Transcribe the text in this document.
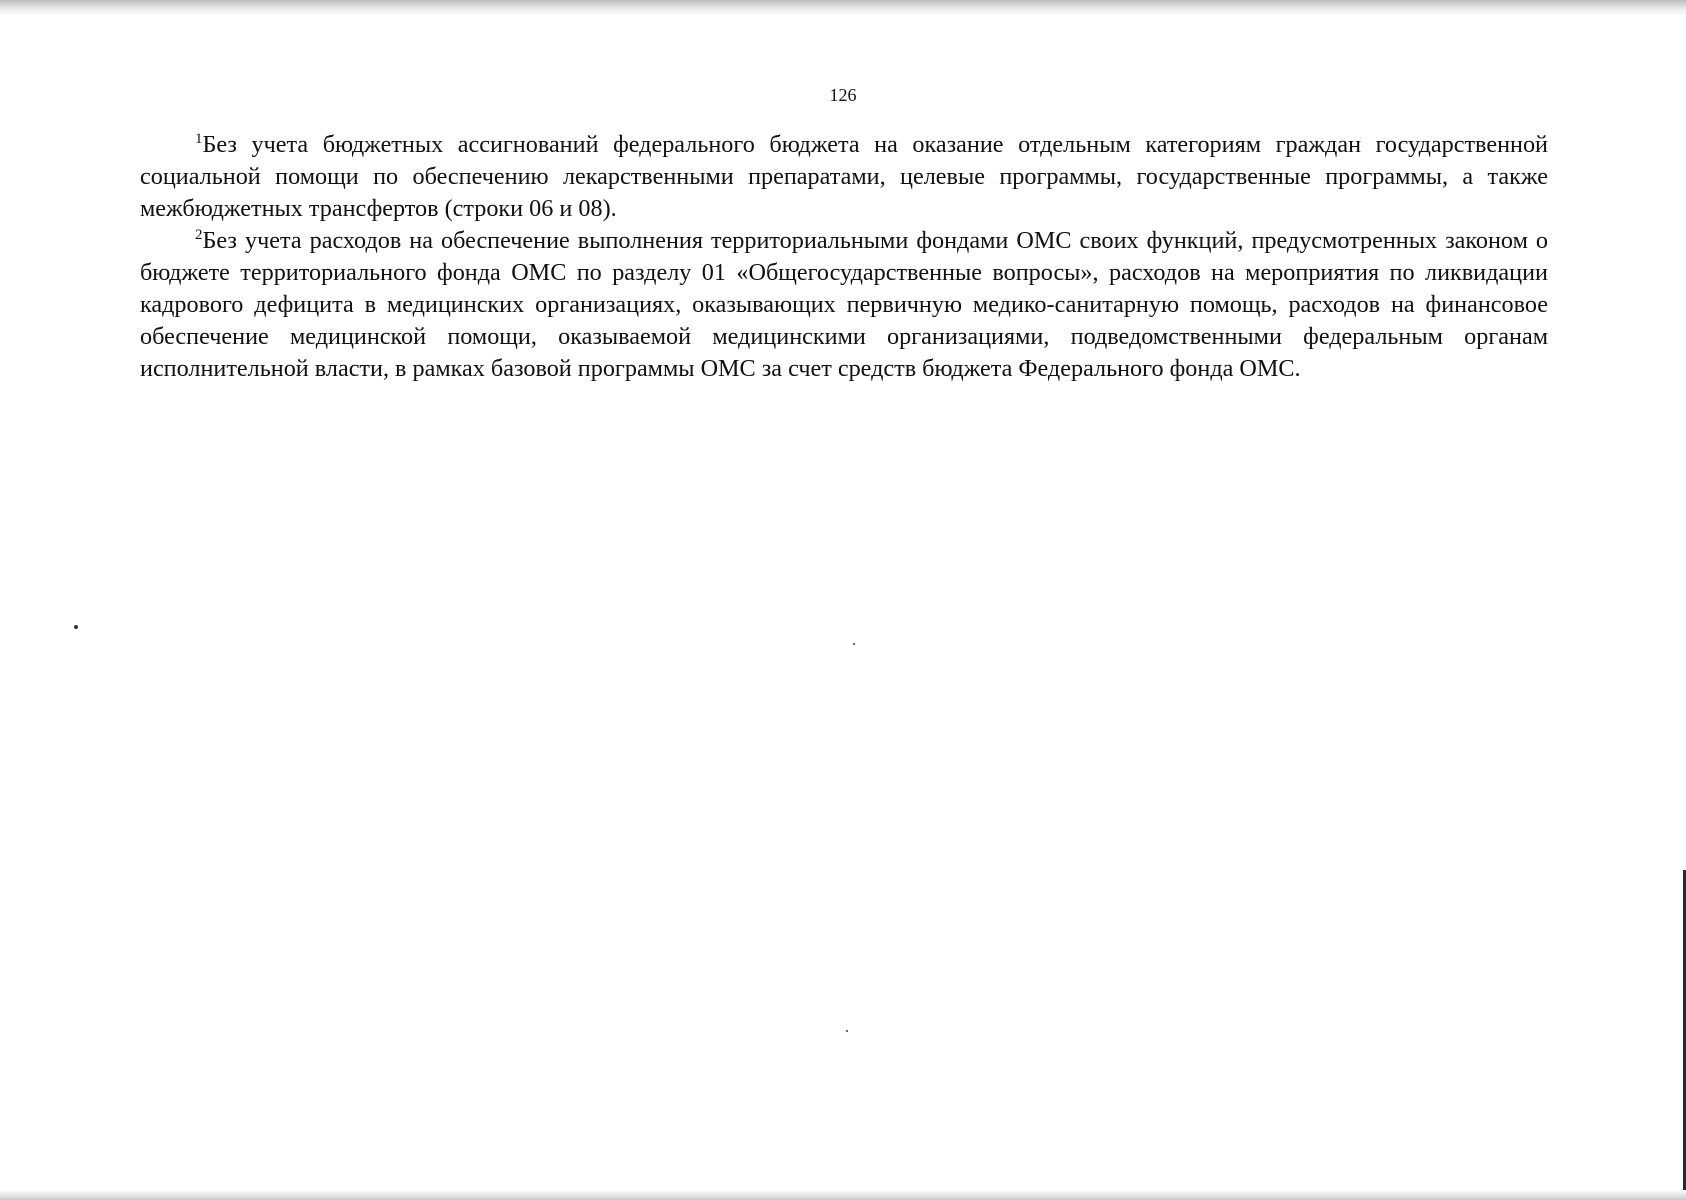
126

$^1$Без учета бюджетных ассигнований федерального бюджета на оказание отдельным категориям граждан государственной социальной помощи по обеспечению лекарственными препаратами, целевые программы, государственные программы, а также межбюджетных трансфертов (строки 06 и 08).

$^2$Без учета расходов на обеспечение выполнения территориальными фондами ОМС своих функций, предусмотренных законом о бюджете территориального фонда ОМС по разделу 01 «Общегосударственные вопросы», расходов на мероприятия по ликвидации кадрового дефицита в медицинских организациях, оказывающих первичную медико-санитарную помощь, расходов на финансовое обеспечение медицинской помощи, оказываемой медицинскими организациями, подведомственными федеральным органам исполнительной власти, в рамках базовой программы ОМС за счет средств бюджета Федерального фонда ОМС.
